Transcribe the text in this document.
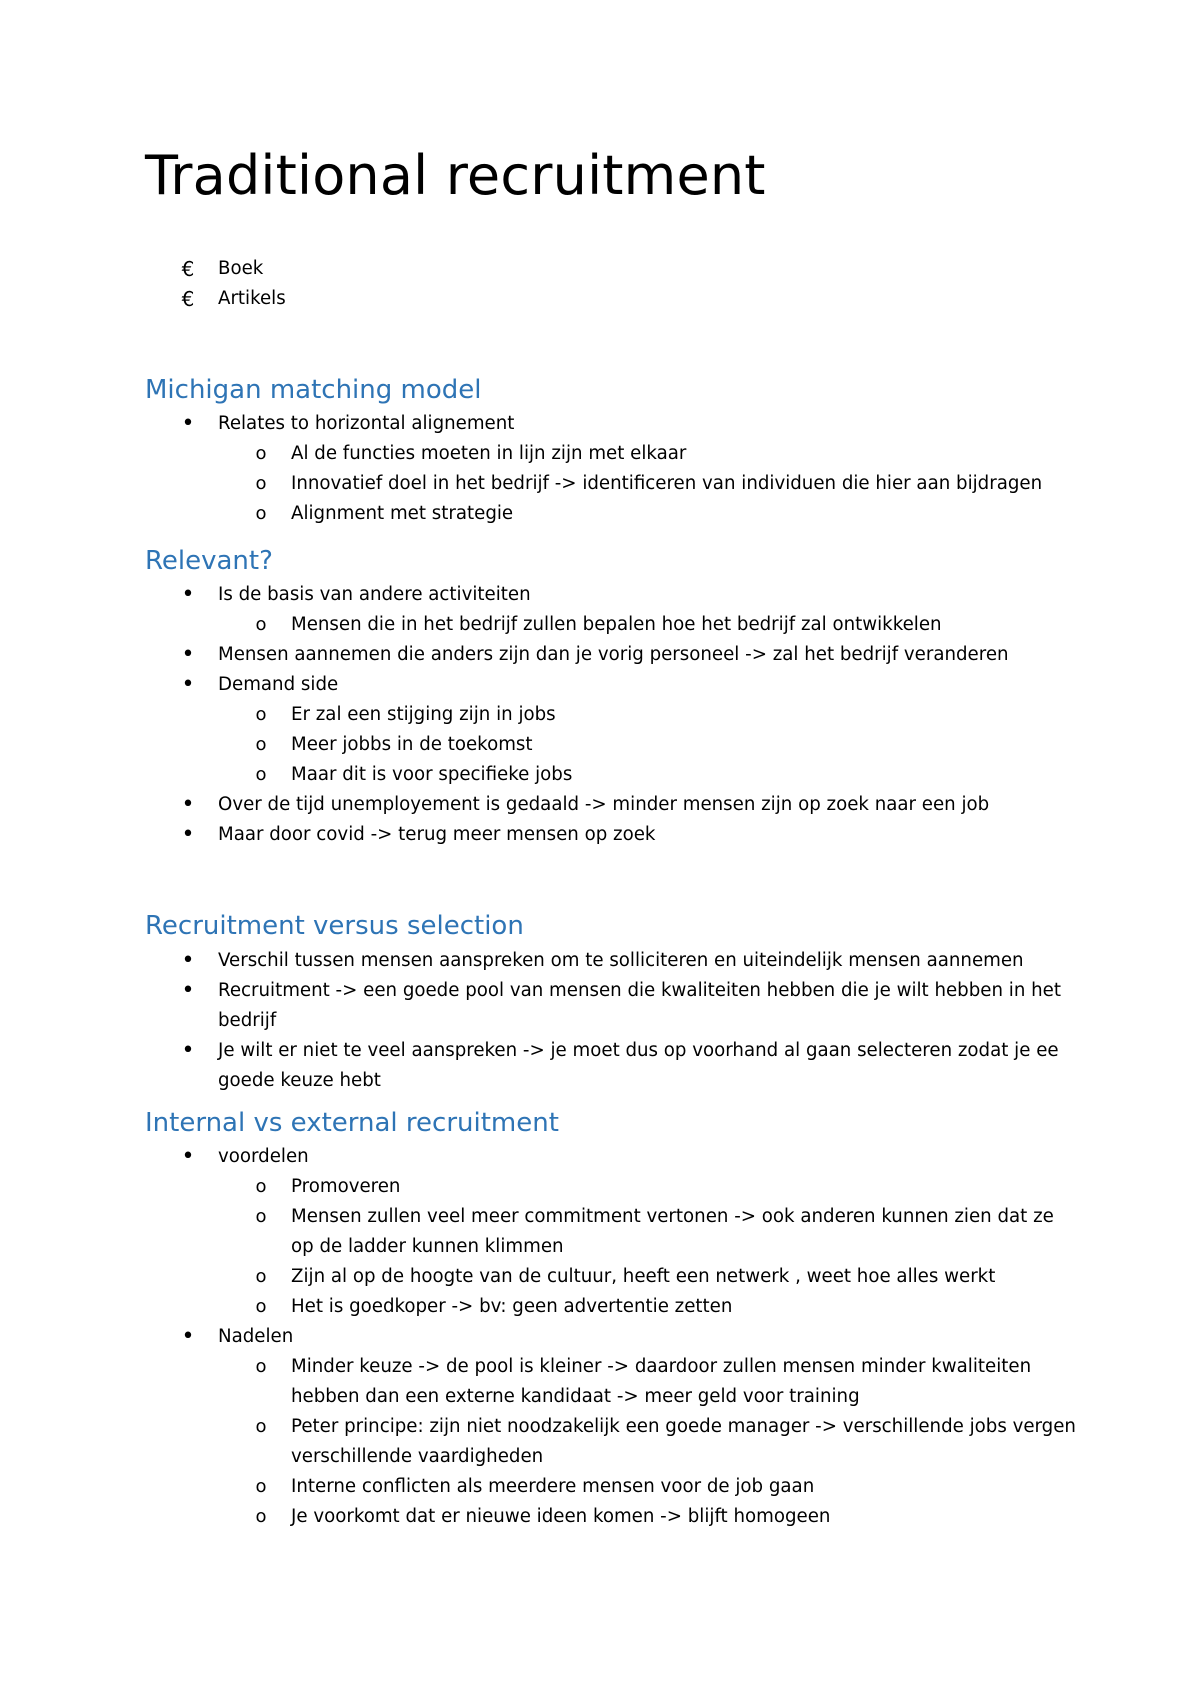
Traditional recruitment
€ Boek
€ Artikels
Michigan matching model
• Relates to horizontal alignement
o Al de functies moeten in lijn zijn met elkaar
o Innovatief doel in het bedrijf -> identificeren van individuen die hier aan bijdragen
o Alignment met strategie
Relevant?
• Is de basis van andere activiteiten
o Mensen die in het bedrijf zullen bepalen hoe het bedrijf zal ontwikkelen
• Mensen aannemen die anders zijn dan je vorig personeel -> zal het bedrijf veranderen
• Demand side
o Er zal een stijging zijn in jobs
o Meer jobbs in de toekomst
o Maar dit is voor specifieke jobs
• Over de tijd unemployement is gedaald -> minder mensen zijn op zoek naar een job
• Maar door covid -> terug meer mensen op zoek
Recruitment versus selection
• Verschil tussen mensen aanspreken om te solliciteren en uiteindelijk mensen aannemen
• Recruitment -> een goede pool van mensen die kwaliteiten hebben die je wilt hebben in het
bedrijf
• Je wilt er niet te veel aanspreken -> je moet dus op voorhand al gaan selecteren zodat je ee
goede keuze hebt
Internal vs external recruitment
• voordelen
o Promoveren
o Mensen zullen veel meer commitment vertonen -> ook anderen kunnen zien dat ze
op de ladder kunnen klimmen
o Zijn al op de hoogte van de cultuur, heeft een netwerk , weet hoe alles werkt
o Het is goedkoper -> bv: geen advertentie zetten
• Nadelen
o Minder keuze -> de pool is kleiner -> daardoor zullen mensen minder kwaliteiten
hebben dan een externe kandidaat -> meer geld voor training
o Peter principe: zijn niet noodzakelijk een goede manager -> verschillende jobs vergen
verschillende vaardigheden
o Interne conflicten als meerdere mensen voor de job gaan
o Je voorkomt dat er nieuwe ideen komen -> blijft homogeen
